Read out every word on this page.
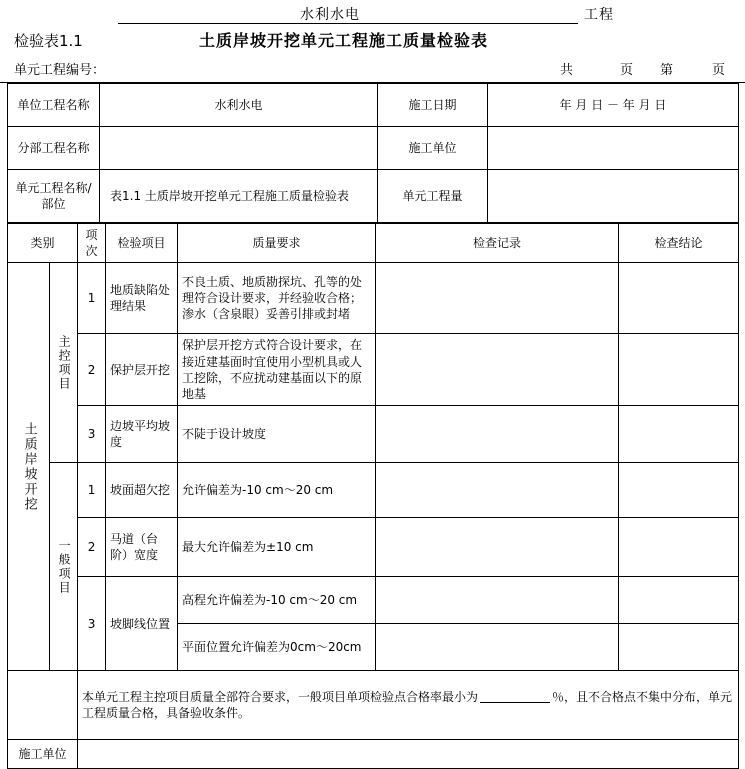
水利水电	工程
检验表1.1	土质岸坡开挖单元工程施工质量检验表
单元工程编号：	共	页 第	页
单位工程名称	水利水电	施工日期	年 月 日 － 年 月 日
分部工程名称		施工单位	
单元工程名称/部位	表1.1 土质岸坡开挖单元工程施工质量检验表	单元工程量	
类别		项次	检验项目	质量要求	检查记录	检查结论

土质岸坡开挖	主控项目	1	地质缺陷处理结果	不良土质、地质勘探坑、孔等的处理符合设计要求，并经验收合格；渗水（含泉眼）妥善引排或封堵		
		2	保护层开挖	保护层开挖方式符合设计要求，在接近建基面时宜使用小型机具或人工挖除，不应扰动建基面以下的原地基		
		3	边坡平均坡度	不陡于设计坡度		

	一般项目	1	坡面超欠挖	允许偏差为-10 cm～20 cm		
		2	马道（台阶）宽度	最大允许偏差为±10 cm		
		3	坡脚线位置	高程允许偏差为-10 cm～20 cm		
				平面位置允许偏差为0cm～20cm		
		本单元工程主控项目质量全部符合要求，一般项目单项检验点合格率最小为 ％，且不合格点不集中分布，单元工程质量合格，具备验收条件。				
施工单位						
